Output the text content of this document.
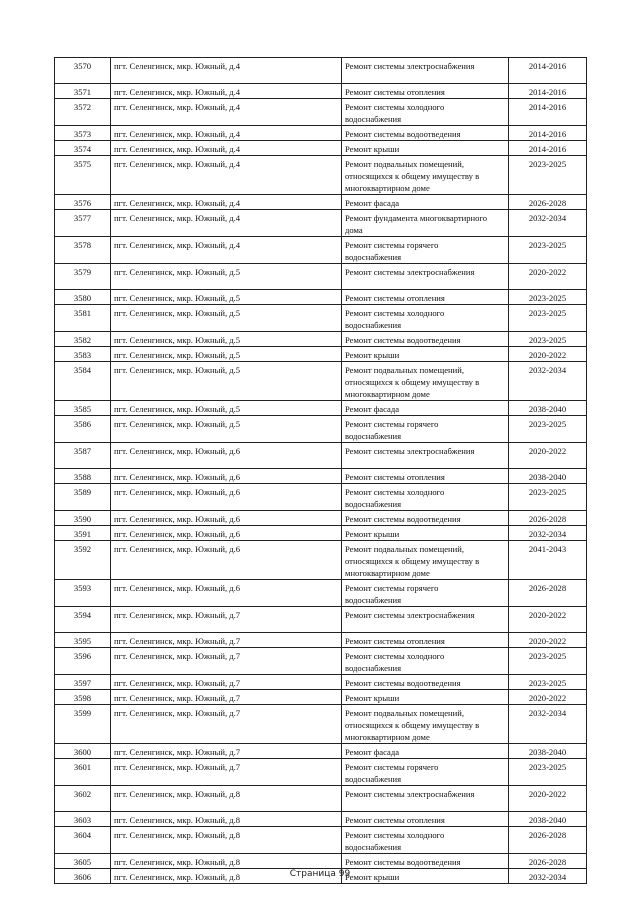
3570	пгт. Селенгинск, мкр. Южный, д.4	Ремонт системы электроснабжения	2014-2016
3571	пгт. Селенгинск, мкр. Южный, д.4	Ремонт системы отопления	2014-2016
3572	пгт. Селенгинск, мкр. Южный, д.4	Ремонт системы холодного
водоснабжения	2014-2016
3573	пгт. Селенгинск, мкр. Южный, д.4	Ремонт системы водоотведения	2014-2016
3574	пгт. Селенгинск, мкр. Южный, д.4	Ремонт крыши	2014-2016
3575	пгт. Селенгинск, мкр. Южный, д.4	Ремонт подвальных помещений,
относящихся к общему имуществу в
многоквартирном доме	2023-2025
3576	пгт. Селенгинск, мкр. Южный, д.4	Ремонт фасада	2026-2028
3577	пгт. Селенгинск, мкр. Южный, д.4	Ремонт фундамента многоквартирного
дома	2032-2034
3578	пгт. Селенгинск, мкр. Южный, д.4	Ремонт системы горячего
водоснабжения	2023-2025
3579	пгт. Селенгинск, мкр. Южный, д.5	Ремонт системы электроснабжения	2020-2022
3580	пгт. Селенгинск, мкр. Южный, д.5	Ремонт системы отопления	2023-2025
3581	пгт. Селенгинск, мкр. Южный, д.5	Ремонт системы холодного
водоснабжения	2023-2025
3582	пгт. Селенгинск, мкр. Южный, д.5	Ремонт системы водоотведения	2023-2025
3583	пгт. Селенгинск, мкр. Южный, д.5	Ремонт крыши	2020-2022
3584	пгт. Селенгинск, мкр. Южный, д.5	Ремонт подвальных помещений,
относящихся к общему имуществу в
многоквартирном доме	2032-2034
3585	пгт. Селенгинск, мкр. Южный, д.5	Ремонт фасада	2038-2040
3586	пгт. Селенгинск, мкр. Южный, д.5	Ремонт системы горячего
водоснабжения	2023-2025
3587	пгт. Селенгинск, мкр. Южный, д.6	Ремонт системы электроснабжения	2020-2022
3588	пгт. Селенгинск, мкр. Южный, д.6	Ремонт системы отопления	2038-2040
3589	пгт. Селенгинск, мкр. Южный, д.6	Ремонт системы холодного
водоснабжения	2023-2025
3590	пгт. Селенгинск, мкр. Южный, д.6	Ремонт системы водоотведения	2026-2028
3591	пгт. Селенгинск, мкр. Южный, д.6	Ремонт крыши	2032-2034
3592	пгт. Селенгинск, мкр. Южный, д.6	Ремонт подвальных помещений,
относящихся к общему имуществу в
многоквартирном доме	2041-2043
3593	пгт. Селенгинск, мкр. Южный, д.6	Ремонт системы горячего
водоснабжения	2026-2028
3594	пгт. Селенгинск, мкр. Южный, д.7	Ремонт системы электроснабжения	2020-2022
3595	пгт. Селенгинск, мкр. Южный, д.7	Ремонт системы отопления	2020-2022
3596	пгт. Селенгинск, мкр. Южный, д.7	Ремонт системы холодного
водоснабжения	2023-2025
3597	пгт. Селенгинск, мкр. Южный, д.7	Ремонт системы водоотведения	2023-2025
3598	пгт. Селенгинск, мкр. Южный, д.7	Ремонт крыши	2020-2022
3599	пгт. Селенгинск, мкр. Южный, д.7	Ремонт подвальных помещений,
относящихся к общему имуществу в
многоквартирном доме	2032-2034
3600	пгт. Селенгинск, мкр. Южный, д.7	Ремонт фасада	2038-2040
3601	пгт. Селенгинск, мкр. Южный, д.7	Ремонт системы горячего
водоснабжения	2023-2025
3602	пгт. Селенгинск, мкр. Южный, д.8	Ремонт системы электроснабжения	2020-2022
3603	пгт. Селенгинск, мкр. Южный, д.8	Ремонт системы отопления	2038-2040
3604	пгт. Селенгинск, мкр. Южный, д.8	Ремонт системы холодного
водоснабжения	2026-2028
3605	пгт. Селенгинск, мкр. Южный, д.8	Ремонт системы водоотведения	2026-2028
3606	пгт. Селенгинск, мкр. Южный, д.8	Ремонт крыши	2032-2034
Страница 99
